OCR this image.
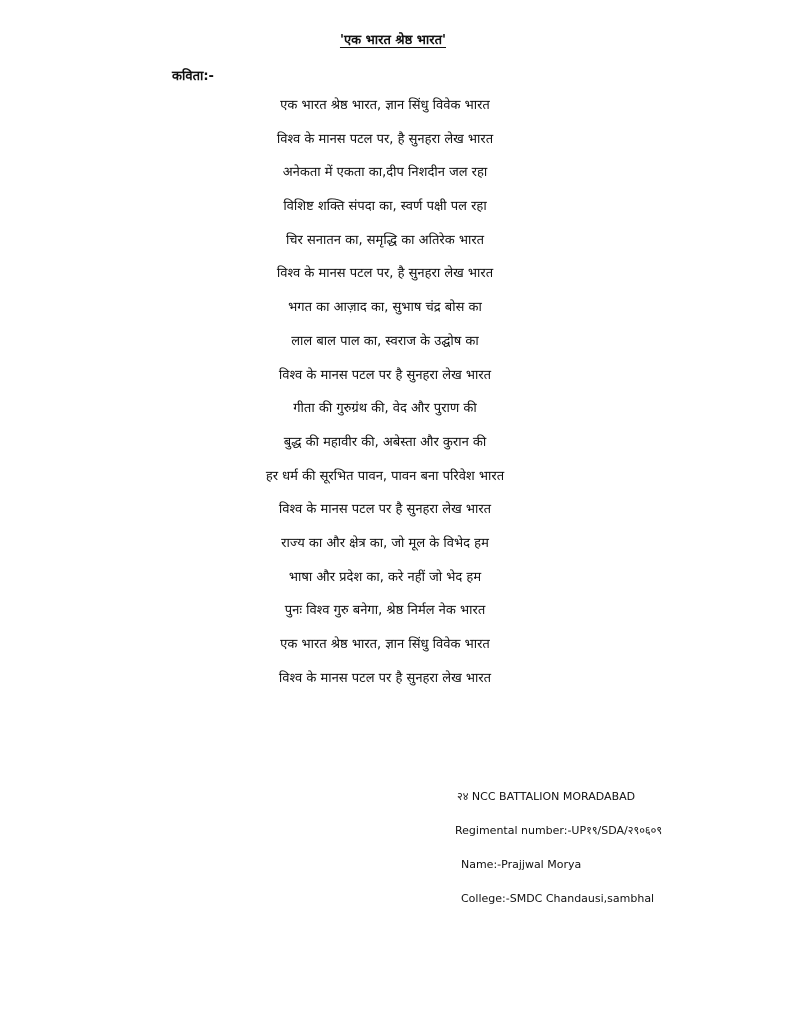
'एक भारत श्रेष्ठ भारत'
कविता:-
एक भारत श्रेष्ठ भारत, ज्ञान सिंधु विवेक भारत
विश्व के मानस पटल पर, है सुनहरा लेख भारत
अनेकता में एकता का,दीप निशदीन जल रहा
विशिष्ट शक्ति संपदा का, स्वर्ण पक्षी पल रहा
चिर सनातन का, समृद्धि का अतिरेक भारत
विश्व के मानस पटल पर, है सुनहरा लेख भारत
भगत का आज़ाद का, सुभाष चंद्र बोस का
लाल बाल पाल का, स्वराज के उद्घोष का
विश्व के मानस पटल पर है सुनहरा लेख भारत
गीता की गुरुग्रंथ की, वेद और पुराण की
बुद्ध की महावीर की, अबेस्ता और कुरान की
हर धर्म की सूरभित पावन, पावन बना परिवेश भारत
विश्व के मानस पटल पर है सुनहरा लेख भारत
राज्य का और क्षेत्र का, जो मूल के विभेद हम
भाषा और प्रदेश का, करे नहीं जो भेद हम
पुनः विश्व गुरु बनेगा, श्रेष्ठ निर्मल नेक भारत
एक भारत श्रेष्ठ भारत, ज्ञान सिंधु विवेक भारत
विश्व के मानस पटल पर है सुनहरा लेख भारत
२४ NCC BATTALION MORADABAD
Regimental number:-UP१९/SDA/२९०६०९
Name:-Prajjwal Morya
College:-SMDC Chandausi,sambhal
